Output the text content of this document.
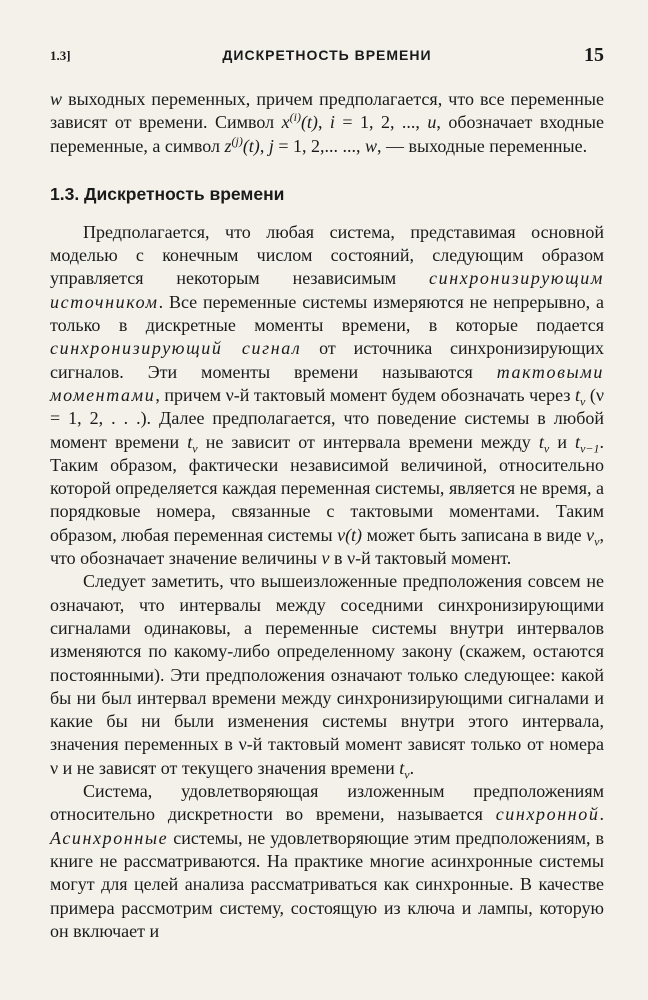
1.3]	ДИСКРЕТНОСТЬ ВРЕМЕНИ	15

w выходных переменных, причем предполагается, что все переменные зависят от времени. Символ $x^{(i)}(t)$, i = 1, 2, ..., u, обозначает входные переменные, а символ $z^{(j)}(t)$, j = 1, 2,... ..., w, — выходные переменные.

1.3. Дискретность времени

Предполагается, что любая система, представимая основной моделью с конечным числом состояний, следующим образом управляется некоторым независимым синхронизирующим источником. Все переменные системы измеряются не непрерывно, а только в дискретные моменты времени, в которые подается синхронизирующий сигнал от источника синхронизирующих сигналов. Эти моменты времени называются тактовыми моментами, причем ν-й тактовый момент будем обозначать через $t_\nu$ (ν = 1, 2, . . .). Далее предполагается, что поведение системы в любой момент времени $t_\nu$ не зависит от интервала времени между $t_\nu$ и $t_{\nu-1}$. Таким образом, фактически независимой величиной, относительно которой определяется каждая переменная системы, является не время, а порядковые номера, связанные с тактовыми моментами. Таким образом, любая переменная системы v(t) может быть записана в виде $v_\nu$, что обозначает значение величины v в ν-й тактовый момент.

Следует заметить, что вышеизложенные предположения совсем не означают, что интервалы между соседними синхронизирующими сигналами одинаковы, а переменные системы внутри интервалов изменяются по какому-либо определенному закону (скажем, остаются постоянными). Эти предположения означают только следующее: какой бы ни был интервал времени между синхронизирующими сигналами и какие бы ни были изменения системы внутри этого интервала, значения переменных в ν-й тактовый момент зависят только от номера ν и не зависят от текущего значения времени $t_\nu$.

Система, удовлетворяющая изложенным предположениям относительно дискретности во времени, называется синхронной. Асинхронные системы, не удовлетворяющие этим предположениям, в книге не рассматриваются. На практике многие асинхронные системы могут для целей анализа рассматриваться как синхронные. В качестве примера рассмотрим систему, состоящую из ключа и лампы, которую он включает и
